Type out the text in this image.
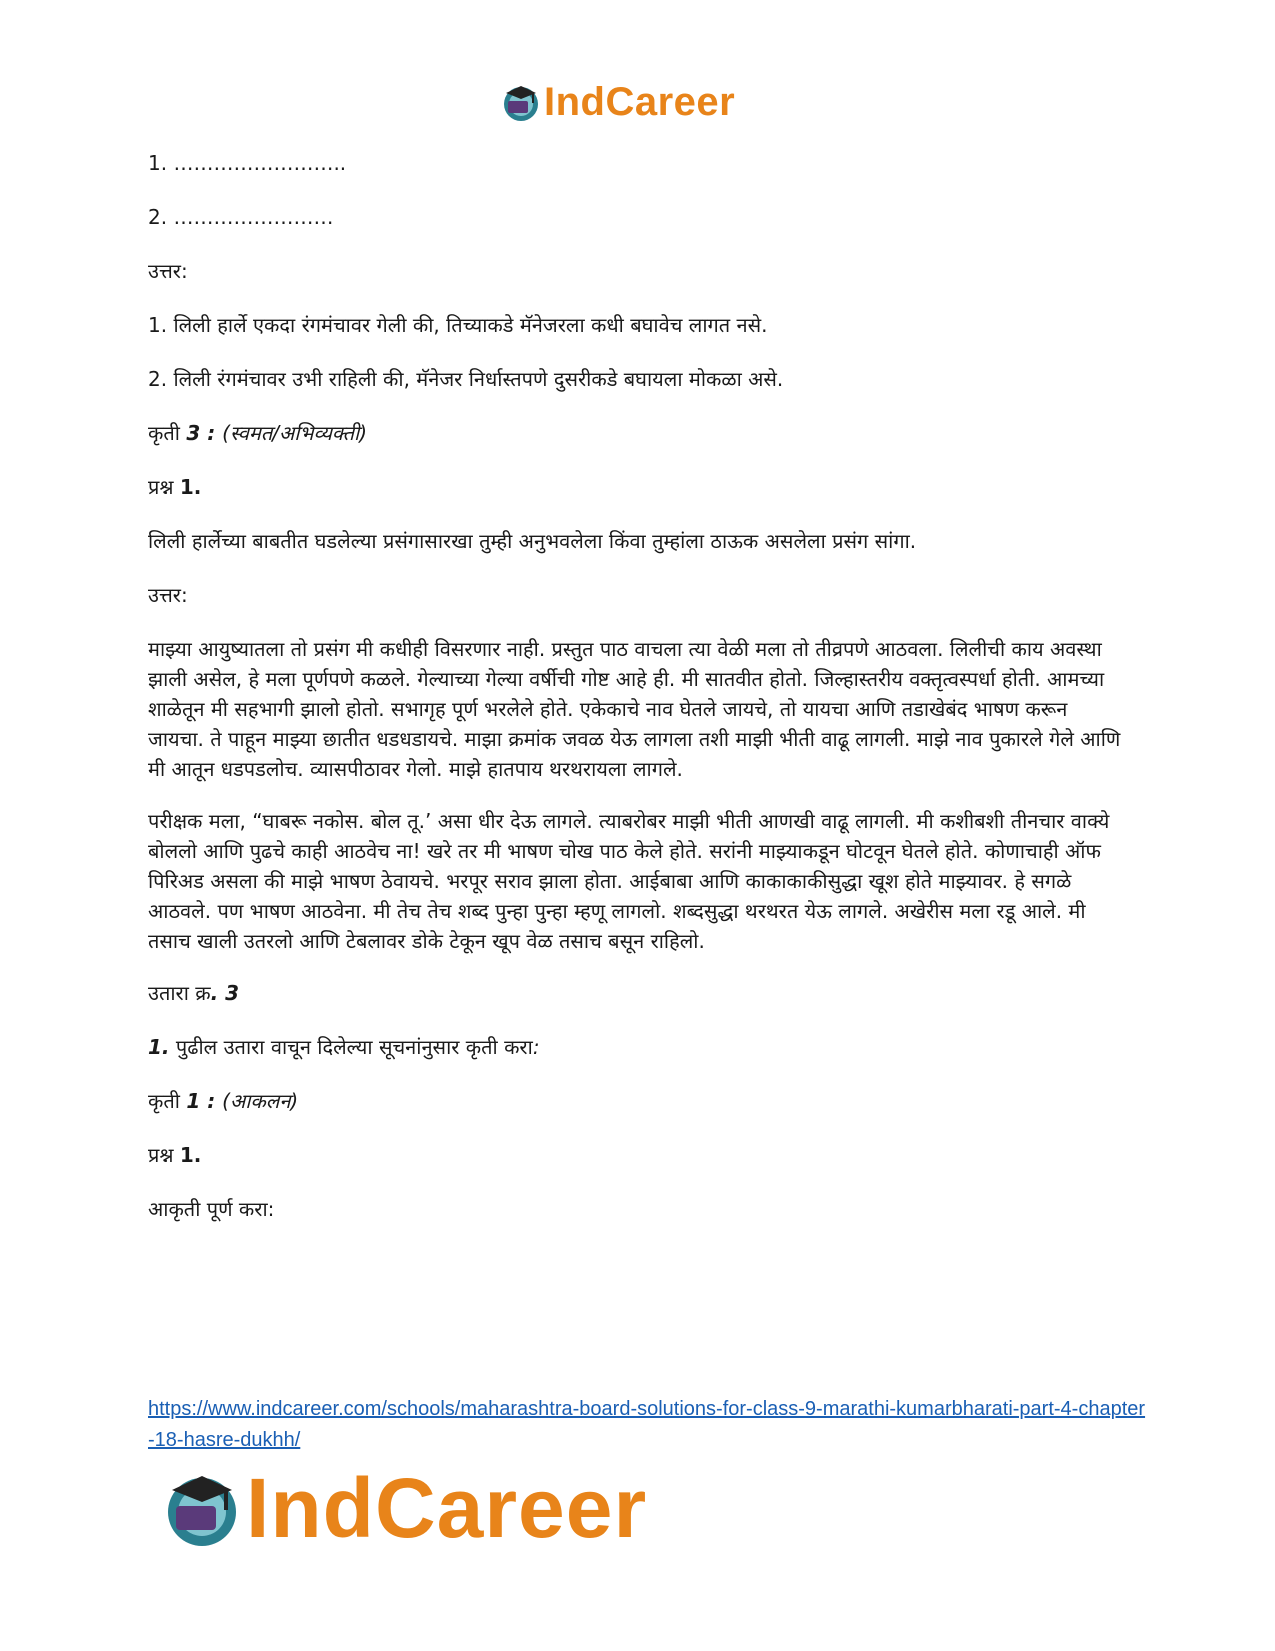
IndCareer

1. ……………………..

2. ……………………

उत्तर:

1. लिली हार्ले एकदा रंगमंचावर गेली की, तिच्याकडे मॅनेजरला कधी बघावेच लागत नसे.

2. लिली रंगमंचावर उभी राहिली की, मॅनेजर निर्धास्तपणे दुसरीकडे बघायला मोकळा असे.

कृती 3 : (स्वमत/अभिव्यक्ती)

प्रश्न 1.

लिली हार्लेच्या बाबतीत घडलेल्या प्रसंगासारखा तुम्ही अनुभवलेला किंवा तुम्हांला ठाऊक असलेला प्रसंग सांगा.

उत्तर:

माझ्या आयुष्यातला तो प्रसंग मी कधीही विसरणार नाही. प्रस्तुत पाठ वाचला त्या वेळी मला तो तीव्रपणे आठवला. लिलीची काय अवस्था झाली असेल, हे मला पूर्णपणे कळले. गेल्याच्या गेल्या वर्षीची गोष्ट आहे ही. मी सातवीत होतो. जिल्हास्तरीय वक्तृत्वस्पर्धा होती. आमच्या शाळेतून मी सहभागी झालो होतो. सभागृह पूर्ण भरलेले होते. एकेकाचे नाव घेतले जायचे, तो यायचा आणि तडाखेबंद भाषण करून जायचा. ते पाहून माझ्या छातीत धडधडायचे. माझा क्रमांक जवळ येऊ लागला तशी माझी भीती वाढू लागली. माझे नाव पुकारले गेले आणि मी आतून धडपडलोच. व्यासपीठावर गेलो. माझे हातपाय थरथरायला लागले.

परीक्षक मला, “घाबरू नकोस. बोल तू.’ असा धीर देऊ लागले. त्याबरोबर माझी भीती आणखी वाढू लागली. मी कशीबशी तीनचार वाक्ये बोललो आणि पुढचे काही आठवेच ना! खरे तर मी भाषण चोख पाठ केले होते. सरांनी माझ्याकडून घोटवून घेतले होते. कोणाचाही ऑफ पिरिअड असला की माझे भाषण ठेवायचे. भरपूर सराव झाला होता. आईबाबा आणि काकाकाकीसुद्धा खूश होते माझ्यावर. हे सगळे आठवले. पण भाषण आठवेना. मी तेच तेच शब्द पुन्हा पुन्हा म्हणू लागलो. शब्दसुद्धा थरथरत येऊ लागले. अखेरीस मला रडू आले. मी तसाच खाली उतरलो आणि टेबलावर डोके टेकून खूप वेळ तसाच बसून राहिलो.

उतारा क्र. 3

1. पुढील उतारा वाचून दिलेल्या सूचनांनुसार कृती करा:

कृती 1 : (आकलन)

प्रश्न 1.

आकृती पूर्ण करा:

https://www.indcareer.com/schools/maharashtra-board-solutions-for-class-9-marathi-kumarbharati-part-4-chapter-18-hasre-dukhh/
IndCareer
